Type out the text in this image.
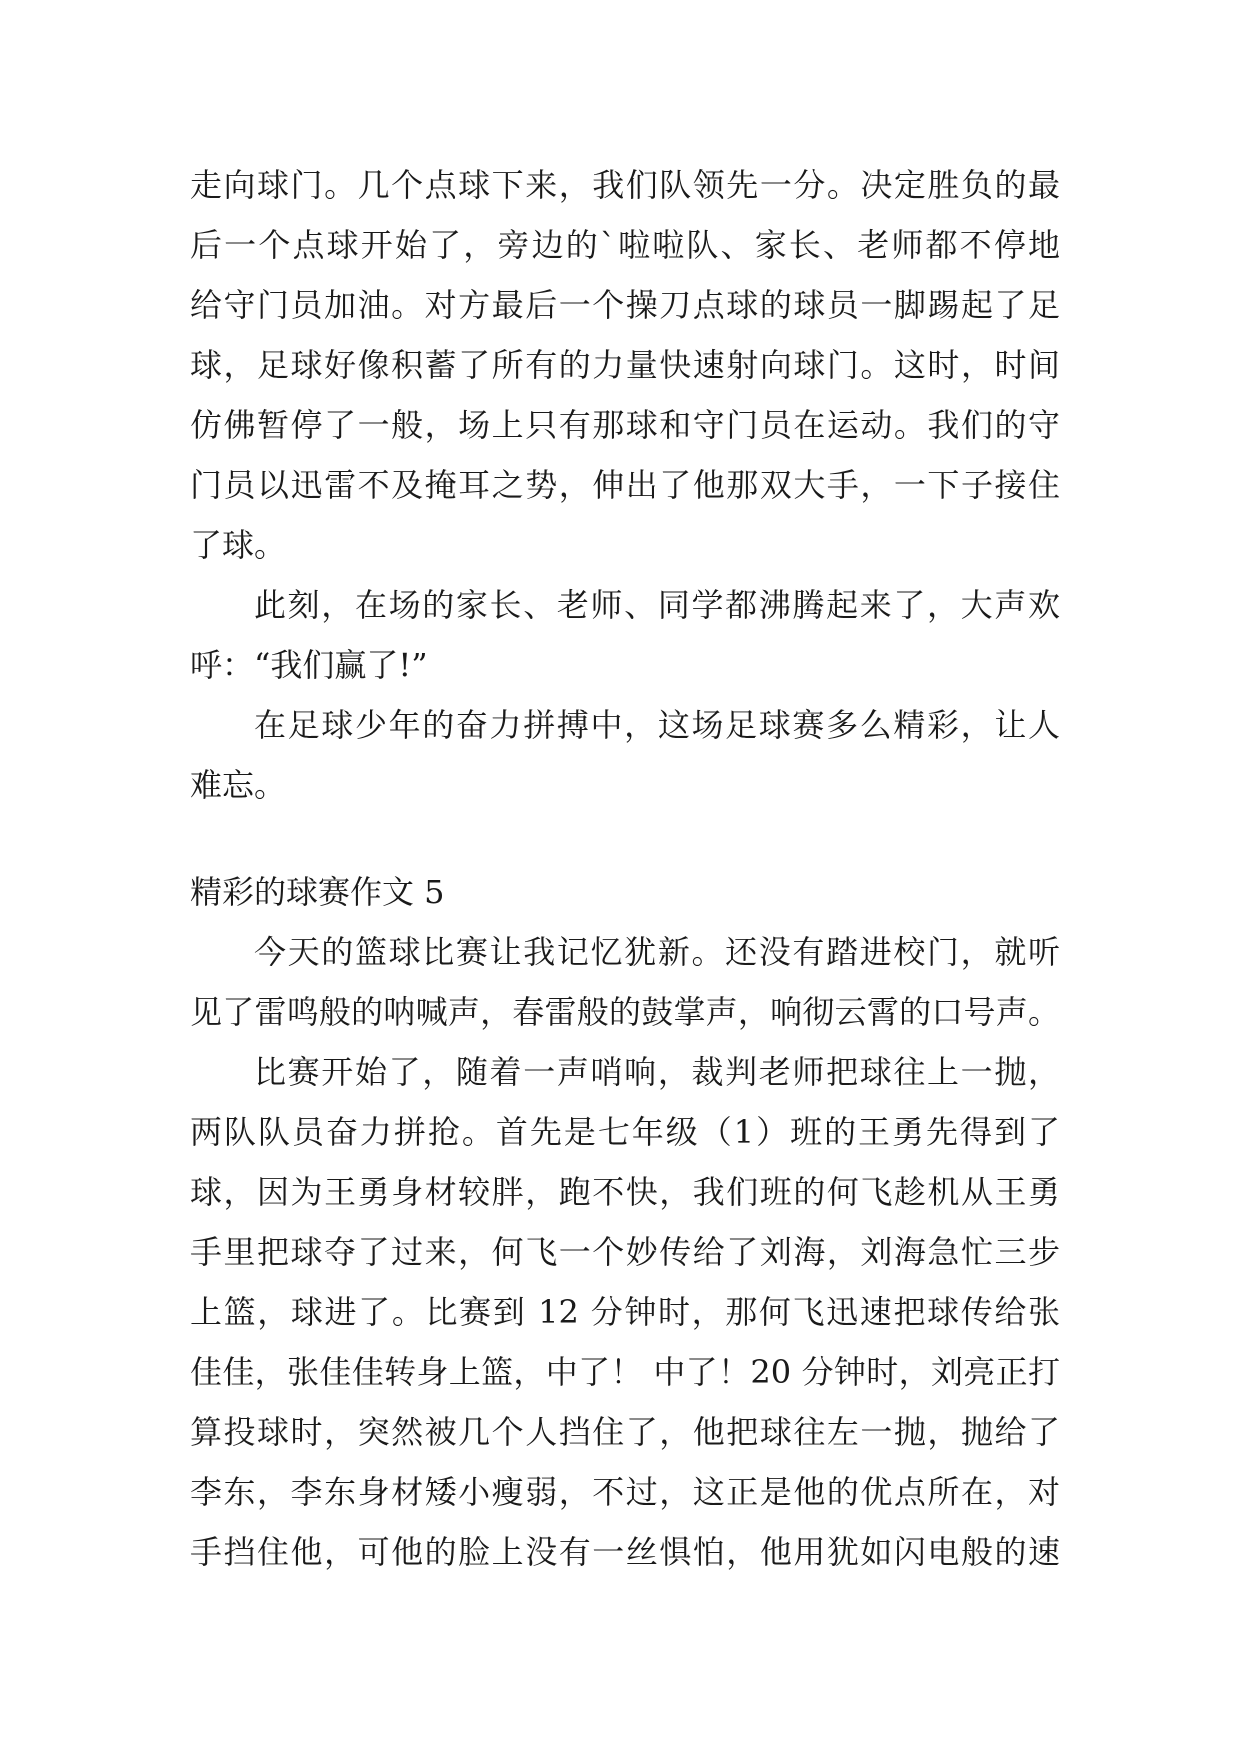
走向球门。几个点球下来，我们队领先一分。决定胜负的最
后一个点球开始了，旁边的`啦啦队、家长、老师都不停地
给守门员加油。对方最后一个操刀点球的球员一脚踢起了足
球，足球好像积蓄了所有的力量快速射向球门。这时，时间
仿佛暂停了一般，场上只有那球和守门员在运动。我们的守
门员以迅雷不及掩耳之势，伸出了他那双大手，一下子接住
了球。
此刻，在场的家长、老师、同学都沸腾起来了，大声欢
呼：“我们赢了!”
在足球少年的奋力拼搏中，这场足球赛多么精彩，让人
难忘。
精彩的球赛作文 5
今天的篮球比赛让我记忆犹新。还没有踏进校门，就听
见了雷鸣般的呐喊声，春雷般的鼓掌声，响彻云霄的口号声。
比赛开始了，随着一声哨响，裁判老师把球往上一抛，
两队队员奋力拼抢。首先是七年级（1）班的王勇先得到了
球，因为王勇身材较胖，跑不快，我们班的何飞趁机从王勇
手里把球夺了过来，何飞一个妙传给了刘海，刘海急忙三步
上篮，球进了。比赛到 12 分钟时，那何飞迅速把球传给张
佳佳，张佳佳转身上篮，中了！ 中了！20 分钟时，刘亮正打
算投球时，突然被几个人挡住了，他把球往左一抛，抛给了
李东，李东身材矮小瘦弱，不过，这正是他的优点所在，对
手挡住他，可他的脸上没有一丝惧怕，他用犹如闪电般的速
